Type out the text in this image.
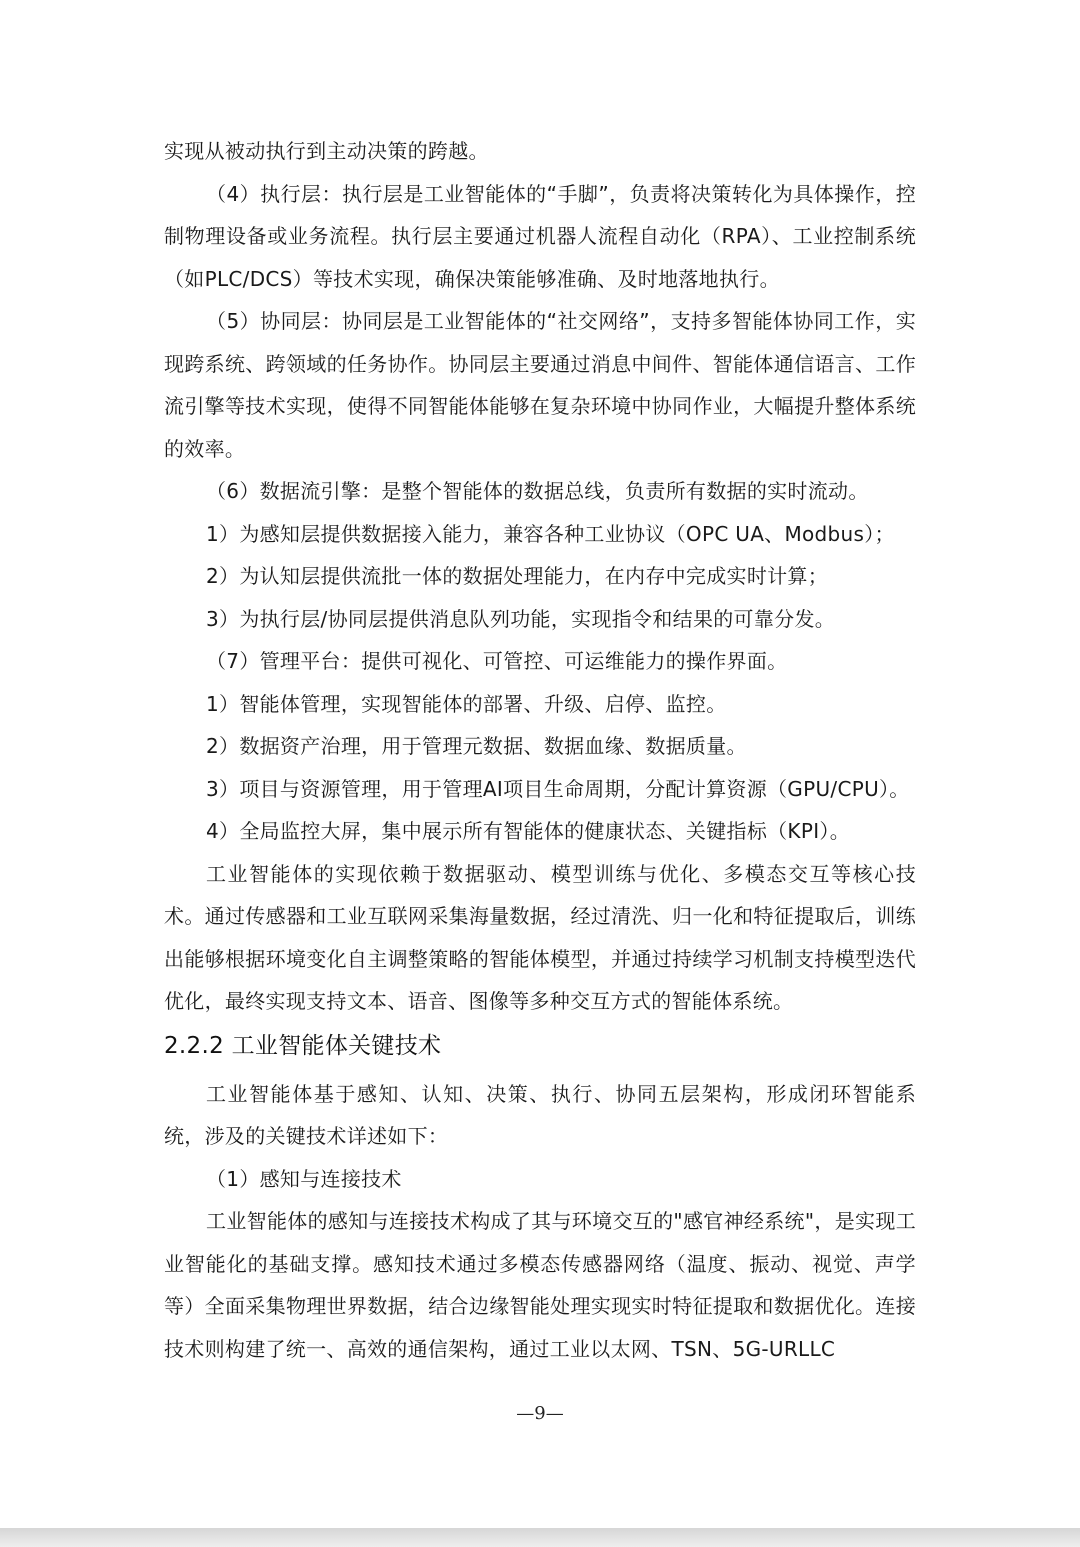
实现从被动执行到主动决策的跨越。

（4）执行层：执行层是工业智能体的“手脚”，负责将决策转化为具体操作，控制物理设备或业务流程。执行层主要通过机器人流程自动化（RPA）、工业控制系统（如PLC/DCS）等技术实现，确保决策能够准确、及时地落地执行。

（5）协同层：协同层是工业智能体的“社交网络”，支持多智能体协同工作，实现跨系统、跨领域的任务协作。协同层主要通过消息中间件、智能体通信语言、工作流引擎等技术实现，使得不同智能体能够在复杂环境中协同作业，大幅提升整体系统的效率。

（6）数据流引擎：是整个智能体的数据总线，负责所有数据的实时流动。

1）为感知层提供数据接入能力，兼容各种工业协议（OPC UA、Modbus）；

2）为认知层提供流批一体的数据处理能力，在内存中完成实时计算；

3）为执行层/协同层提供消息队列功能，实现指令和结果的可靠分发。

（7）管理平台：提供可视化、可管控、可运维能力的操作界面。

1）智能体管理，实现智能体的部署、升级、启停、监控。

2）数据资产治理，用于管理元数据、数据血缘、数据质量。

3）项目与资源管理，用于管理AI项目生命周期，分配计算资源（GPU/CPU）。

4）全局监控大屏，集中展示所有智能体的健康状态、关键指标（KPI）。

工业智能体的实现依赖于数据驱动、模型训练与优化、多模态交互等核心技术。通过传感器和工业互联网采集海量数据，经过清洗、归一化和特征提取后，训练出能够根据环境变化自主调整策略的智能体模型，并通过持续学习机制支持模型迭代优化，最终实现支持文本、语音、图像等多种交互方式的智能体系统。

2.2.2 工业智能体关键技术

工业智能体基于感知、认知、决策、执行、协同五层架构，形成闭环智能系统，涉及的关键技术详述如下：

（1）感知与连接技术

工业智能体的感知与连接技术构成了其与环境交互的"感官神经系统"，是实现工业智能化的基础支撑。感知技术通过多模态传感器网络（温度、振动、视觉、声学等）全面采集物理世界数据，结合边缘智能处理实现实时特征提取和数据优化。连接技术则构建了统一、高效的通信架构，通过工业以太网、TSN、5G-URLLC

—9—
